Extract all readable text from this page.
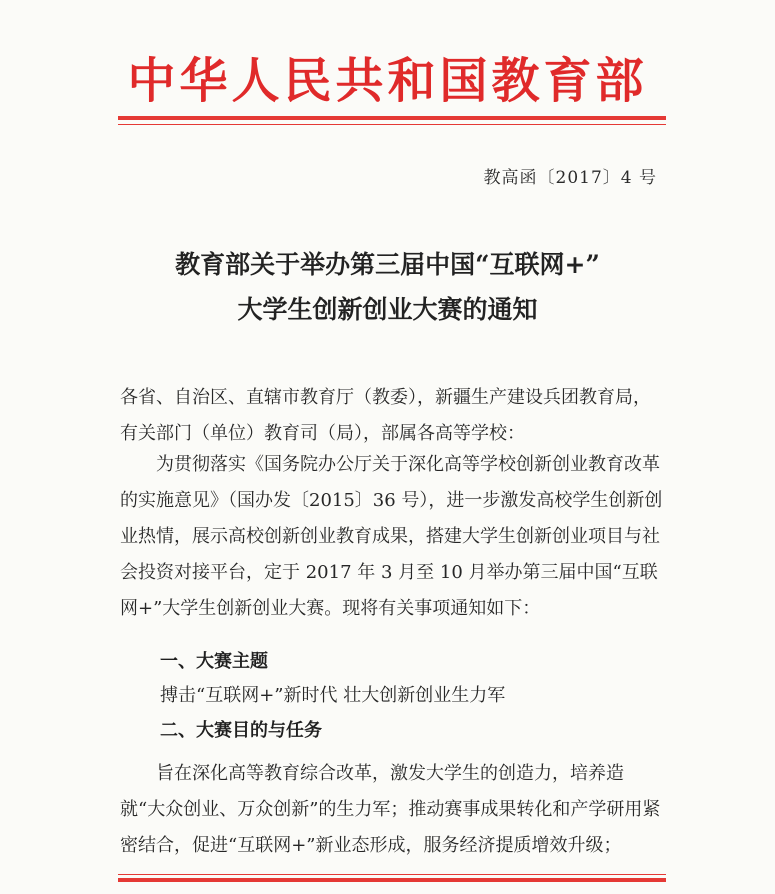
中华人民共和国教育部
教高函〔2017〕4 号
教育部关于举办第三届中国“互联网+”
大学生创新创业大赛的通知
各省、自治区、直辖市教育厅（教委），新疆生产建设兵团教育局，有关部门（单位）教育司（局），部属各高等学校：
为贯彻落实《国务院办公厅关于深化高等学校创新创业教育改革的实施意见》（国办发〔2015〕36 号），进一步激发高校学生创新创业热情，展示高校创新创业教育成果，搭建大学生创新创业项目与社会投资对接平台，定于 2017 年 3 月至 10 月举办第三届中国“互联网+”大学生创新创业大赛。现将有关事项通知如下：
一、大赛主题
搏击“互联网+”新时代 壮大创新创业生力军
二、大赛目的与任务
旨在深化高等教育综合改革，激发大学生的创造力，培养造就“大众创业、万众创新”的生力军；推动赛事成果转化和产学研用紧密结合，促进“互联网+”新业态形成，服务经济提质增效升级；
